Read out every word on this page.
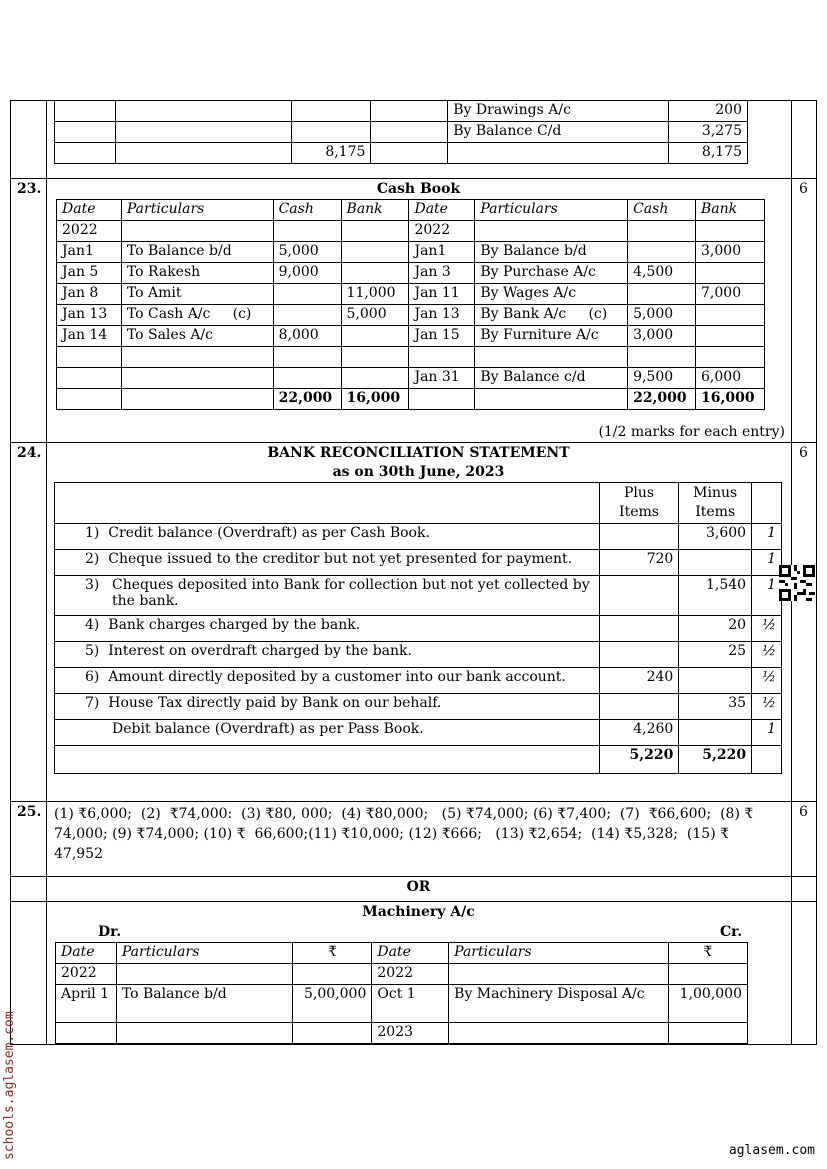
				By Drawings A/c	200
				By Balance C/d	3,275
		8,175			8,175
23.	6
Cash Book
Date	Particulars	Cash	Bank	Date	Particulars	Cash	Bank
2022				2022			
Jan1	To Balance b/d	5,000		Jan1	By Balance b/d		3,000
Jan 5	To Rakesh	9,000		Jan 3	By Purchase A/c	4,500	
Jan 8	To Amit		11,000	Jan 11	By Wages A/c		7,000
Jan 13	To Cash A/c     (c)		5,000	Jan 13	By Bank A/c     (c)	5,000	
Jan 14	To Sales A/c	8,000		Jan 15	By Furniture A/c	3,000	

				Jan 31	By Balance c/d	9,500	6,000
		22,000	16,000			22,000	16,000
(1/2 marks for each entry)
24.	6
BANK RECONCILIATION STATEMENT
as on 30th June, 2023
	Plus Items	Minus Items	
1) Credit balance (Overdraft) as per Cash Book.		3,600	1
2) Cheque issued to the creditor but not yet presented for payment.	720		1

3) Cheques deposited into Bank for collection but not yet collected by the bank.		1,540	1
4) Bank charges charged by the bank.		20	½
5) Interest on overdraft charged by the bank.		25	½
6) Amount directly deposited by a customer into our bank account.	240		½
7) House Tax directly paid by Bank on our behalf.		35	½
Debit balance (Overdraft) as per Pass Book.	4,260		1
	5,220	5,220	
25.	6
(1) ₹6,000;  (2)  ₹74,000:  (3) ₹80, 000;  (4) ₹80,000;   (5) ₹74,000; (6) ₹7,400;  (7)  ₹66,600;  (8) ₹
74,000; (9) ₹74,000; (10) ₹  66,600;(11) ₹10,000; (12) ₹666;   (13) ₹2,654;  (14) ₹5,328;  (15) ₹
47,952
OR
Machinery A/c
Dr.	Cr.
Date	Particulars	₹	Date	Particulars	₹
2022			2022		
April 1	To Balance b/d	5,00,000	Oct 1	By Machinery Disposal A/c	1,00,000
			2023		
schools.aglasem.com	aglasem.com
